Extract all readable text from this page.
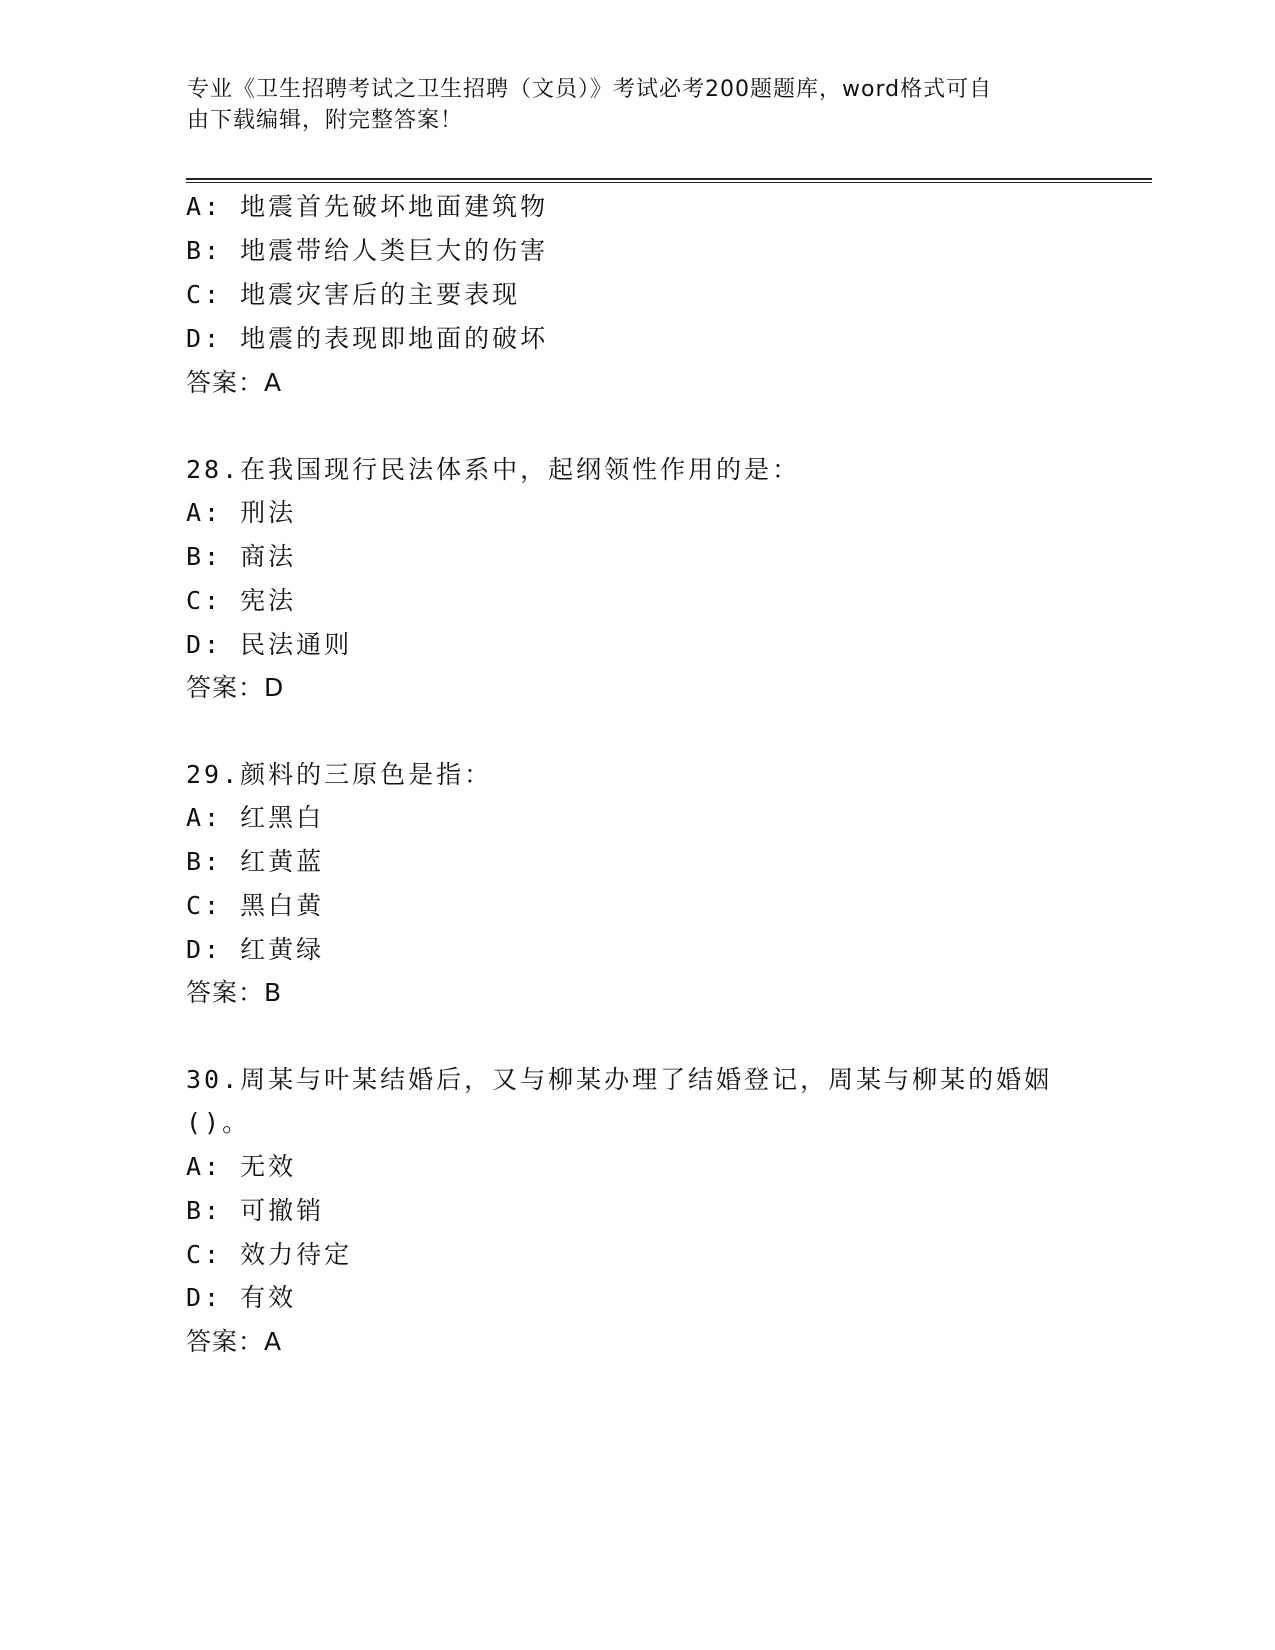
专业《卫生招聘考试之卫生招聘（文员）》考试必考200题题库，word格式可自
由下载编辑，附完整答案！
A: 地震首先破坏地面建筑物
B: 地震带给人类巨大的伤害
C: 地震灾害后的主要表现
D: 地震的表现即地面的破坏
答案：A
28.在我国现行民法体系中，起纲领性作用的是：
A: 刑法
B: 商法
C: 宪法
D: 民法通则
答案：D
29.颜料的三原色是指：
A: 红黑白
B: 红黄蓝
C: 黑白黄
D: 红黄绿
答案：B
30.周某与叶某结婚后，又与柳某办理了结婚登记，周某与柳某的婚姻
()。
A: 无效
B: 可撤销
C: 效力待定
D: 有效
答案：A
